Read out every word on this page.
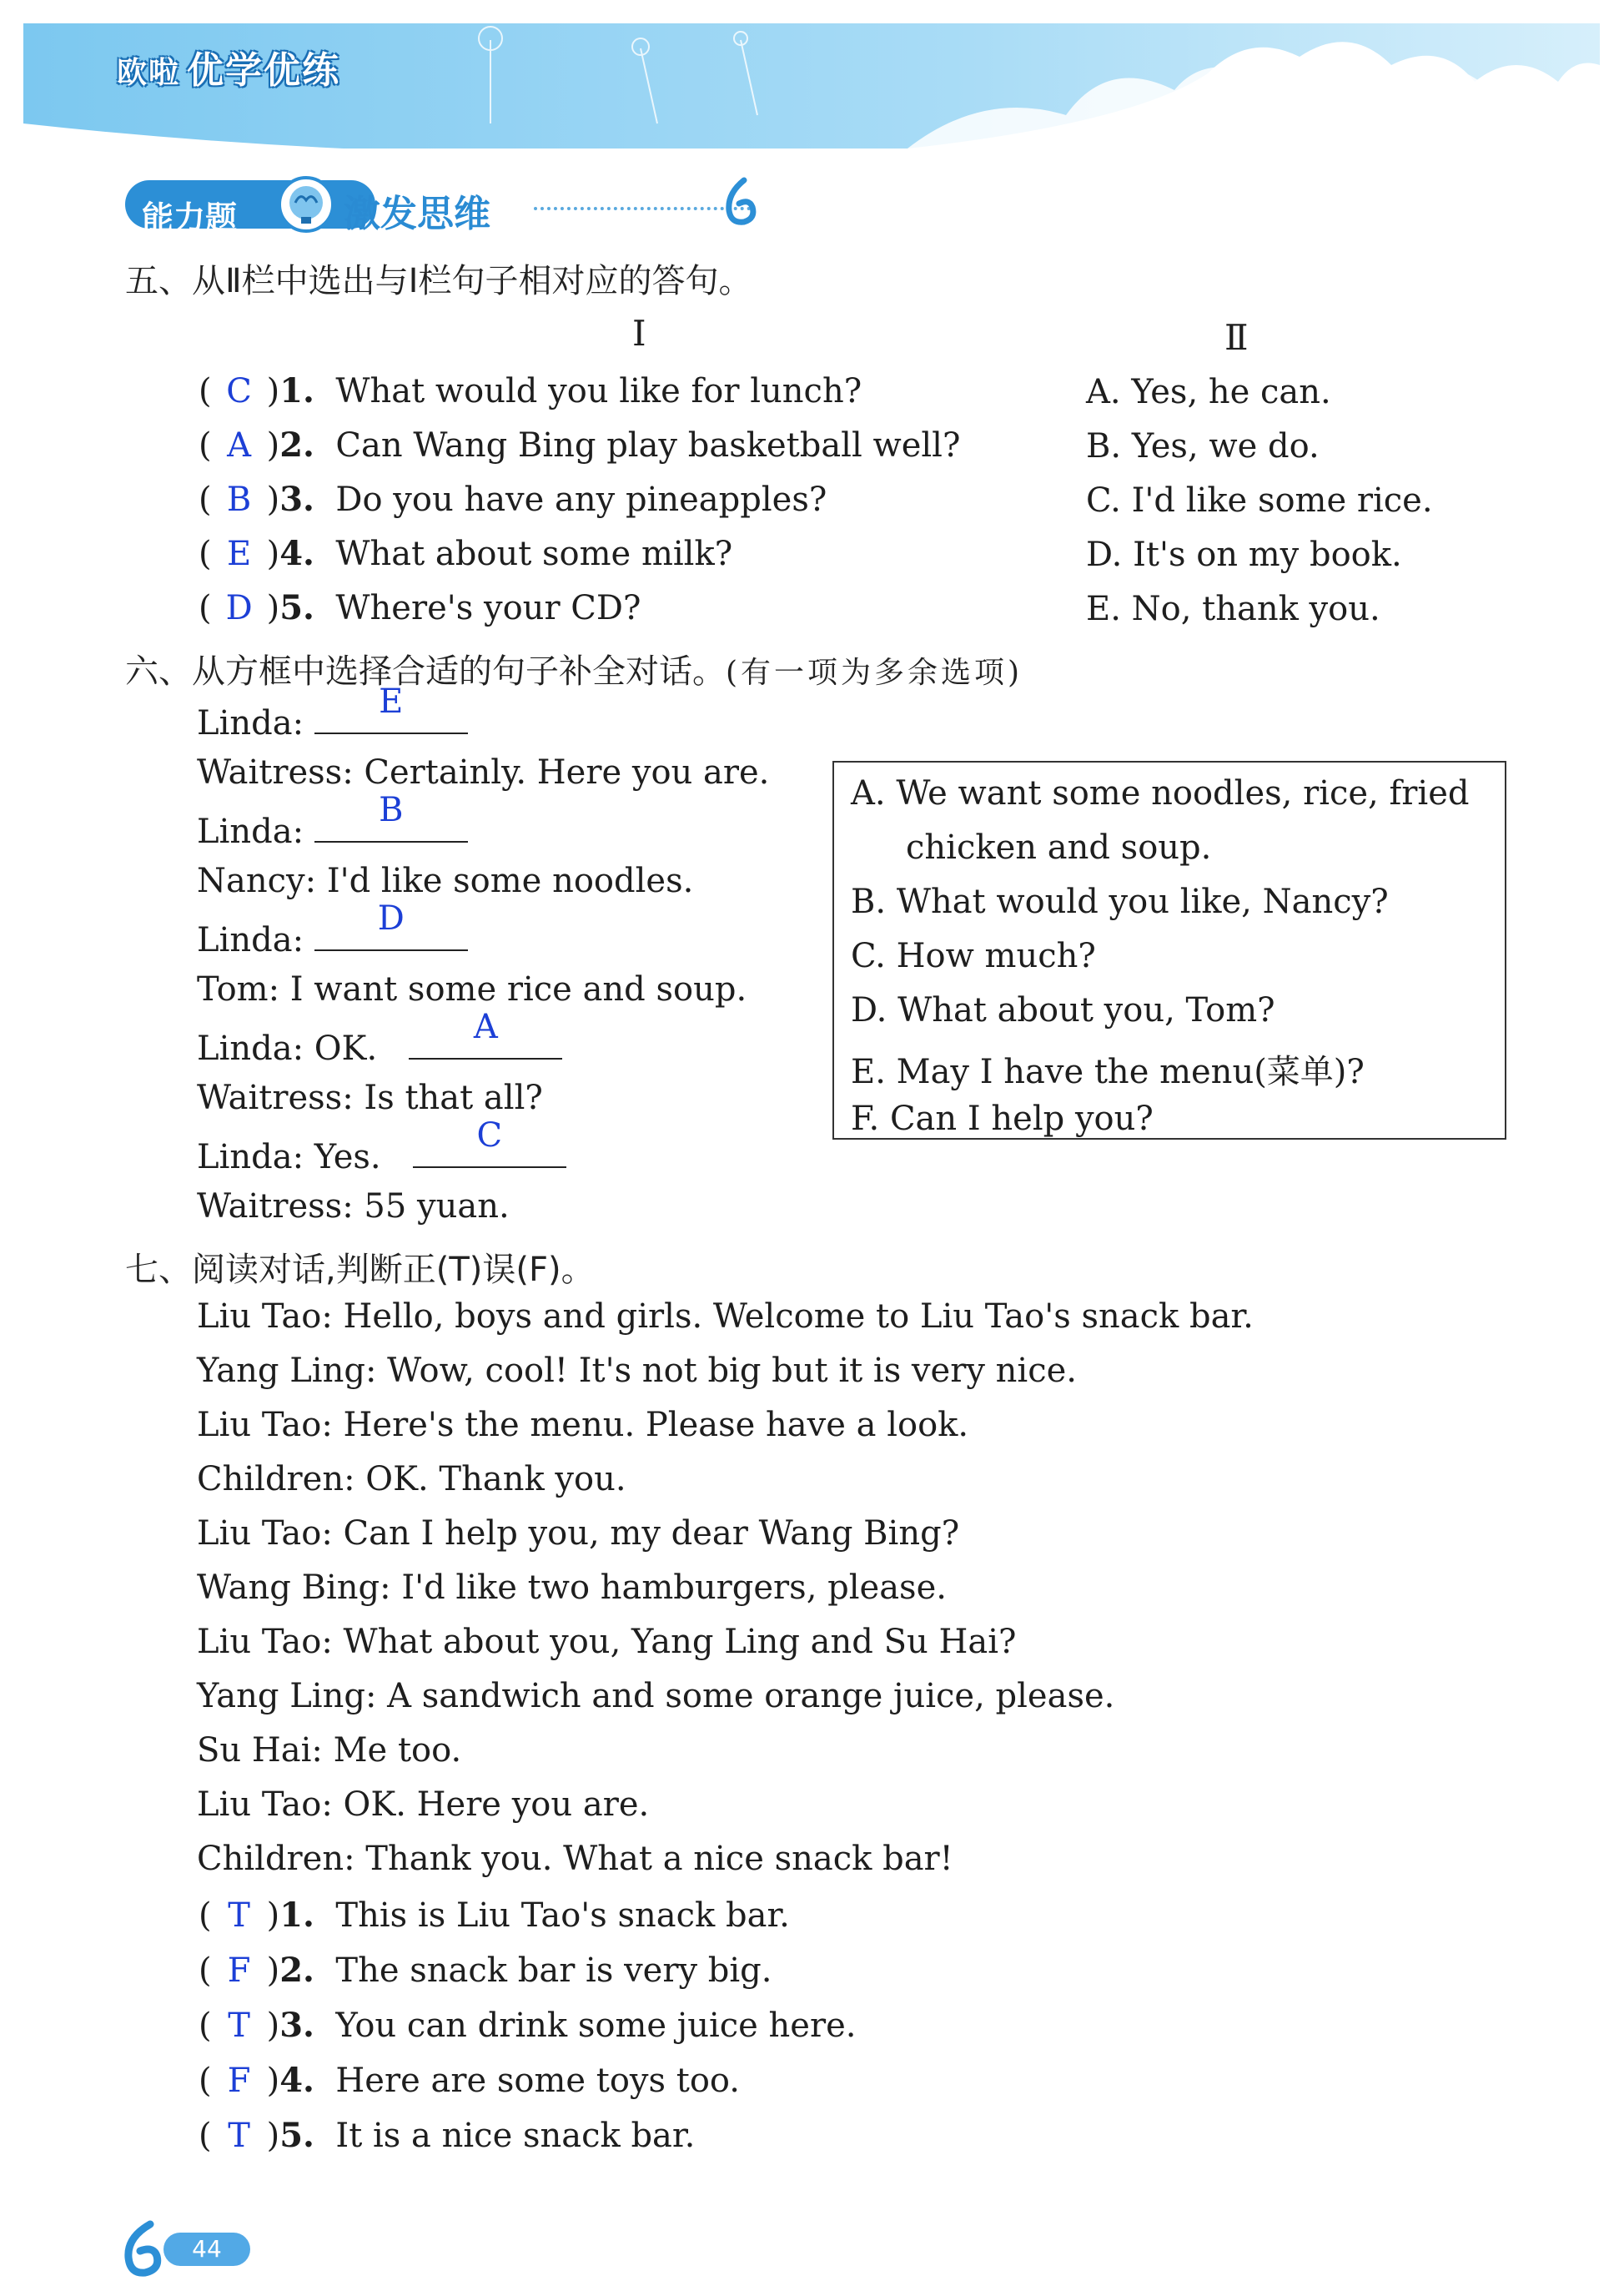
欧啦 优学优练
能力题	激发思维
五、从Ⅱ栏中选出与Ⅰ栏句子相对应的答句。
Ⅰ	Ⅱ
( C )1. What would you like for lunch?
( A )2. Can Wang Bing play basketball well?
( B )3. Do you have any pineapples?
( E )4. What about some milk?
( D )5. Where's your CD?
A. Yes, he can.
B. Yes, we do.
C. I'd like some rice.
D. It's on my book.
E. No, thank you.
六、从方框中选择合适的句子补全对话。(有一项为多余选项)
Linda:
E
Waitress: Certainly. Here you are.
Linda:
B
Nancy: I'd like some noodles.
Linda:
D
Tom: I want some rice and soup.
Linda: OK.
A
Waitress: Is that all?
Linda: Yes.
C
Waitress: 55 yuan.
A. We want some noodles, rice, fried
chicken and soup.
B. What would you like, Nancy?
C. How much?
D. What about you, Tom?
E. May I have the menu(菜单)?
F. Can I help you?
七、阅读对话,判断正(T)误(F)。
Liu Tao: Hello, boys and girls. Welcome to Liu Tao's snack bar.
Yang Ling: Wow, cool! It's not big but it is very nice.
Liu Tao: Here's the menu. Please have a look.
Children: OK. Thank you.
Liu Tao: Can I help you, my dear Wang Bing?
Wang Bing: I'd like two hamburgers, please.
Liu Tao: What about you, Yang Ling and Su Hai?
Yang Ling: A sandwich and some orange juice, please.
Su Hai: Me too.
Liu Tao: OK. Here you are.
Children: Thank you. What a nice snack bar!
( T )1. This is Liu Tao's snack bar.
( F )2. The snack bar is very big.
( T )3. You can drink some juice here.
( F )4. Here are some toys too.
( T )5. It is a nice snack bar.
44
